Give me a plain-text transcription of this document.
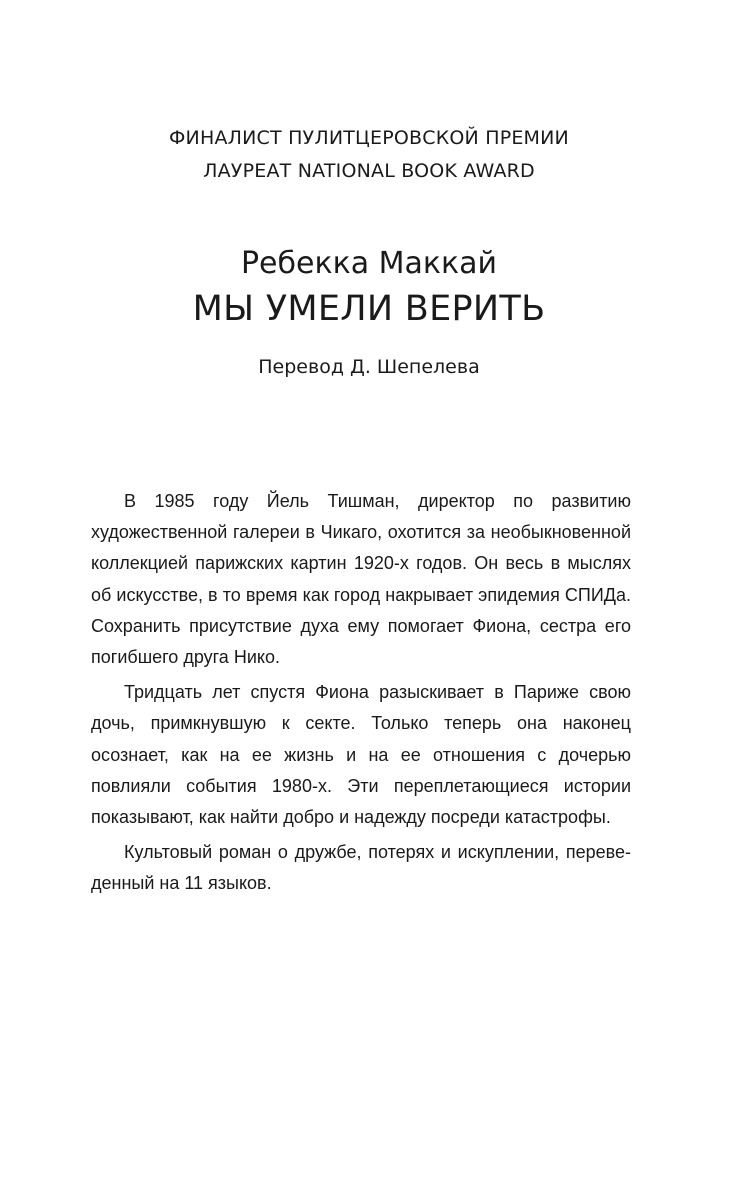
ФИНАЛИСТ ПУЛИТЦЕРОВСКОЙ ПРЕМИИ
ЛАУРЕАТ NATIONAL BOOK AWARD
Ребекка Маккай
МЫ УМЕЛИ ВЕРИТЬ
Перевод Д. Шепелева

В 1985 году Йель Тишман, директор по развитию художественной галереи в Чикаго, охотится за необыкновенной коллекцией парижских картин 1920-х годов. Он весь в мыслях об искусстве, в то время как город накрывает эпидемия СПИДа. Сохранить присутствие духа ему помогает Фиона, сестра его погибшего друга Нико.

Тридцать лет спустя Фиона разыскивает в Париже свою дочь, примкнувшую к секте. Только теперь она наконец осознает, как на ее жизнь и на ее отношения с дочерью повлияли события 1980-х. Эти переплетающиеся истории показывают, как найти добро и надежду посреди катастрофы.

Культовый роман о дружбе, потерях и искуплении, переведенный на 11 языков.
